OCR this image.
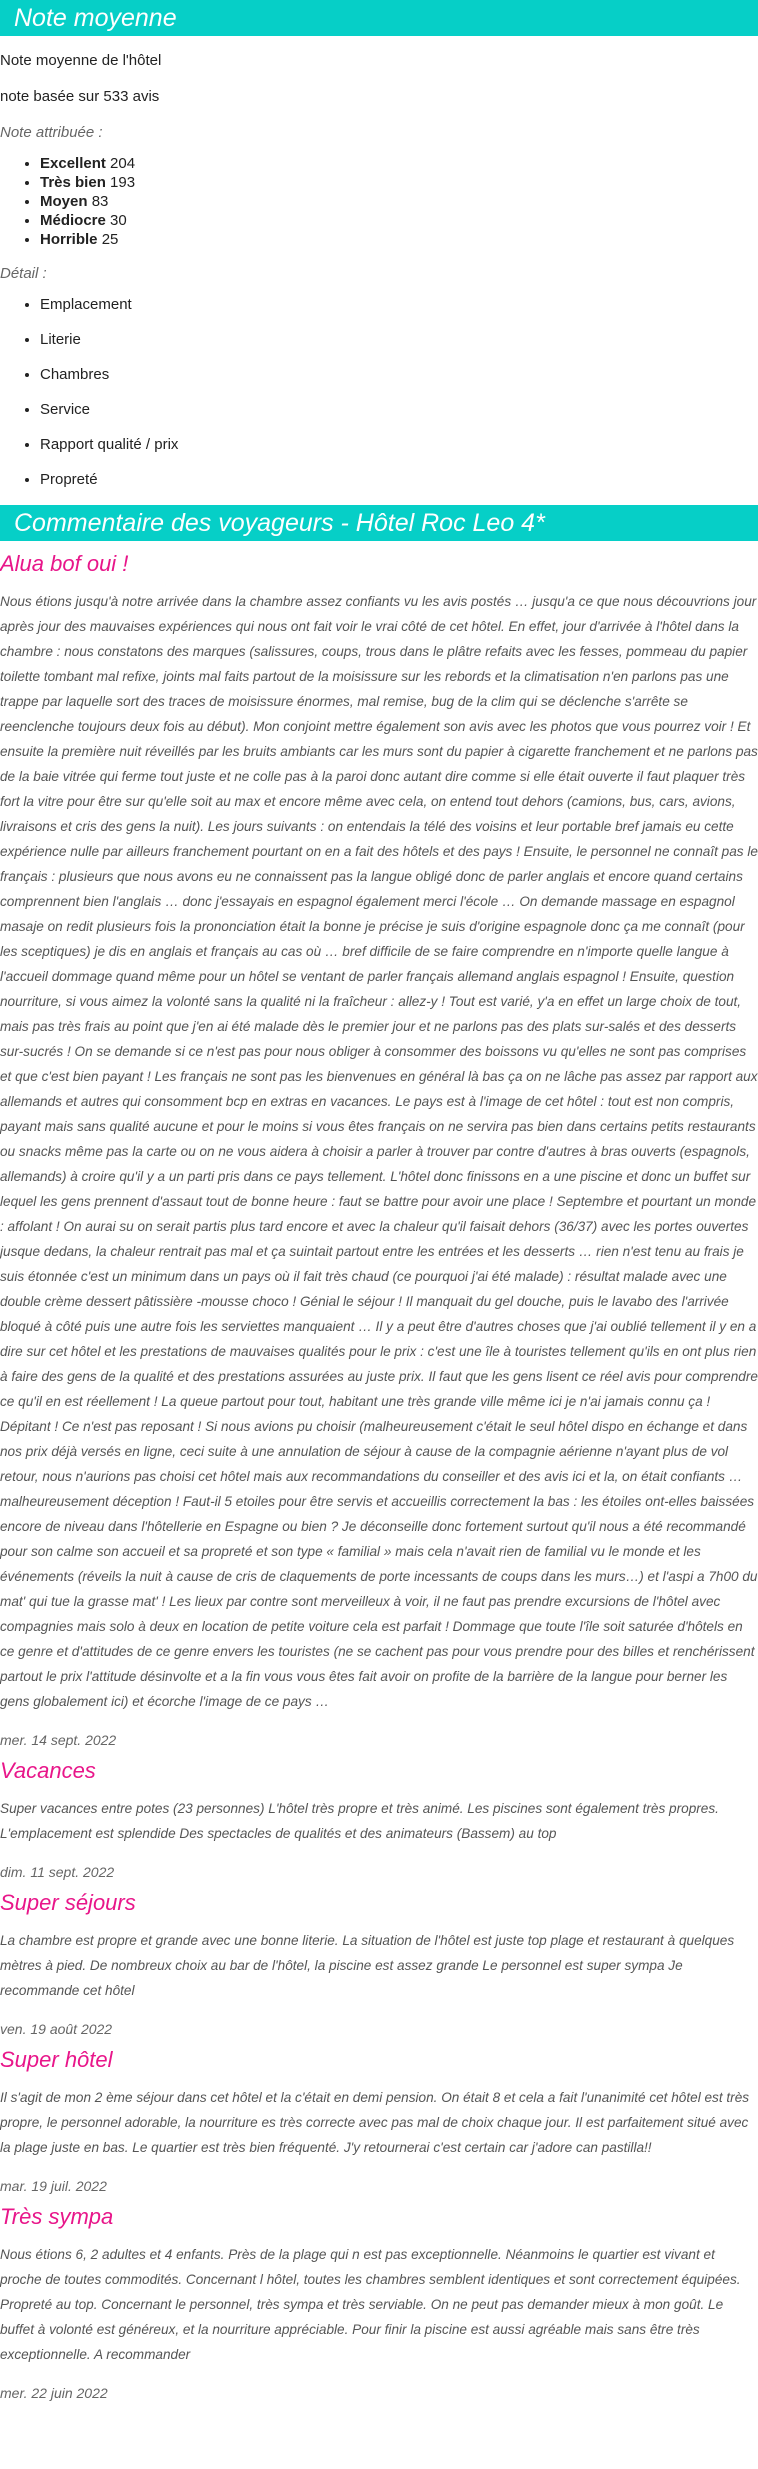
Note moyenne
Note moyenne de l'hôtel
note basée sur 533 avis
Note attribuée :
• Excellent 204
• Très bien 193
• Moyen 83
• Médiocre 30
• Horrible 25
Détail :
• Emplacement
• Literie
• Chambres
• Service
• Rapport qualité / prix
• Propreté
Commentaire des voyageurs - Hôtel Roc Leo 4*
Alua bof oui !

Nous étions jusqu'à notre arrivée dans la chambre assez confiants vu les avis postés … jusqu'a ce que nous découvrions jour après jour des mauvaises expériences qui nous ont fait voir le vrai côté de cet hôtel. En effet, jour d'arrivée à l'hôtel dans la chambre : nous constatons des marques (salissures, coups, trous dans le plâtre refaits avec les fesses, pommeau du papier toilette tombant mal refixe, joints mal faits partout de la moisissure sur les rebords et la climatisation n'en parlons pas une trappe par laquelle sort des traces de moisissure énormes, mal remise, bug de la clim qui se déclenche s'arrête se reenclenche toujours deux fois au début). Mon conjoint mettre également son avis avec les photos que vous pourrez voir ! Et ensuite la première nuit réveillés par les bruits ambiants car les murs sont du papier à cigarette franchement et ne parlons pas de la baie vitrée qui ferme tout juste et ne colle pas à la paroi donc autant dire comme si elle était ouverte il faut plaquer très fort la vitre pour être sur qu'elle soit au max et encore même avec cela, on entend tout dehors (camions, bus, cars, avions, livraisons et cris des gens la nuit). Les jours suivants : on entendais la télé des voisins et leur portable bref jamais eu cette expérience nulle par ailleurs franchement pourtant on en a fait des hôtels et des pays ! Ensuite, le personnel ne connaît pas le français : plusieurs que nous avons eu ne connaissent pas la langue obligé donc de parler anglais et encore quand certains comprennent bien l'anglais … donc j'essayais en espagnol également merci l'école … On demande massage en espagnol masaje on redit plusieurs fois la prononciation était la bonne je précise je suis d'origine espagnole donc ça me connaît (pour les sceptiques) je dis en anglais et français au cas où … bref difficile de se faire comprendre en n'importe quelle langue à l'accueil dommage quand même pour un hôtel se ventant de parler français allemand anglais espagnol ! Ensuite, question nourriture, si vous aimez la volonté sans la qualité ni la fraîcheur : allez-y ! Tout est varié, y'a en effet un large choix de tout, mais pas très frais au point que j'en ai été malade dès le premier jour et ne parlons pas des plats sur-salés et des desserts sur-sucrés ! On se demande si ce n'est pas pour nous obliger à consommer des boissons vu qu'elles ne sont pas comprises et que c'est bien payant ! Les français ne sont pas les bienvenues en général là bas ça on ne lâche pas assez par rapport aux allemands et autres qui consomment bcp en extras en vacances. Le pays est à l'image de cet hôtel : tout est non compris, payant mais sans qualité aucune et pour le moins si vous êtes français on ne servira pas bien dans certains petits restaurants ou snacks même pas la carte ou on ne vous aidera à choisir a parler à trouver par contre d'autres à bras ouverts (espagnols, allemands) à croire qu'il y a un parti pris dans ce pays tellement. L'hôtel donc finissons en a une piscine et donc un buffet sur lequel les gens prennent d'assaut tout de bonne heure : faut se battre pour avoir une place ! Septembre et pourtant un monde : affolant ! On aurai su on serait partis plus tard encore et avec la chaleur qu'il faisait dehors (36/37) avec les portes ouvertes jusque dedans, la chaleur rentrait pas mal et ça suintait partout entre les entrées et les desserts … rien n'est tenu au frais je suis étonnée c'est un minimum dans un pays où il fait très chaud (ce pourquoi j'ai été malade) : résultat malade avec une double crème dessert pâtissière -mousse choco ! Génial le séjour ! Il manquait du gel douche, puis le lavabo des l'arrivée bloqué à côté puis une autre fois les serviettes manquaient … Il y a peut être d'autres choses que j'ai oublié tellement il y en a dire sur cet hôtel et les prestations de mauvaises qualités pour le prix : c'est une île à touristes tellement qu'ils en ont plus rien à faire des gens de la qualité et des prestations assurées au juste prix. Il faut que les gens lisent ce réel avis pour comprendre ce qu'il en est réellement ! La queue partout pour tout, habitant une très grande ville même ici je n'ai jamais connu ça ! Dépitant ! Ce n'est pas reposant ! Si nous avions pu choisir (malheureusement c'était le seul hôtel dispo en échange et dans nos prix déjà versés en ligne, ceci suite à une annulation de séjour à cause de la compagnie aérienne n'ayant plus de vol retour, nous n'aurions pas choisi cet hôtel mais aux recommandations du conseiller et des avis ici et la, on était confiants … malheureusement déception ! Faut-il 5 etoiles pour être servis et accueillis correctement la bas : les étoiles ont-elles baissées encore de niveau dans l'hôtellerie en Espagne ou bien ? Je déconseille donc fortement surtout qu'il nous a été recommandé pour son calme son accueil et sa propreté et son type « familial » mais cela n'avait rien de familial vu le monde et les événements (réveils la nuit à cause de cris de claquements de porte incessants de coups dans les murs…) et l'aspi a 7h00 du mat' qui tue la grasse mat' ! Les lieux par contre sont merveilleux à voir, il ne faut pas prendre excursions de l'hôtel avec compagnies mais solo à deux en location de petite voiture cela est parfait ! Dommage que toute l'île soit saturée d'hôtels en ce genre et d'attitudes de ce genre envers les touristes (ne se cachent pas pour vous prendre pour des billes et renchérissent partout le prix l'attitude désinvolte et a la fin vous vous êtes fait avoir on profite de la barrière de la langue pour berner les gens globalement ici) et écorche l'image de ce pays …

mer. 14 sept. 2022
Vacances

Super vacances entre potes (23 personnes) L'hôtel très propre et très animé. Les piscines sont également très propres. L'emplacement est splendide Des spectacles de qualités et des animateurs (Bassem) au top

dim. 11 sept. 2022
Super séjours

La chambre est propre et grande avec une bonne literie. La situation de l'hôtel est juste top plage et restaurant à quelques mètres à pied. De nombreux choix au bar de l'hôtel, la piscine est assez grande Le personnel est super sympa Je recommande cet hôtel

ven. 19 août 2022
Super hôtel

Il s'agit de mon 2 ème séjour dans cet hôtel et la c'était en demi pension. On était 8 et cela a fait l'unanimité cet hôtel est très propre, le personnel adorable, la nourriture es très correcte avec pas mal de choix chaque jour. Il est parfaitement situé avec la plage juste en bas. Le quartier est très bien fréquenté. J'y retournerai c'est certain car j'adore can pastilla!!

mar. 19 juil. 2022
Très sympa

Nous étions 6, 2 adultes et 4 enfants. Près de la plage qui n est pas exceptionnelle. Néanmoins le quartier est vivant et proche de toutes commodités. Concernant l hôtel, toutes les chambres semblent identiques et sont correctement équipées. Propreté au top. Concernant le personnel, très sympa et très serviable. On ne peut pas demander mieux à mon goût. Le buffet à volonté est généreux, et la nourriture appréciable. Pour finir la piscine est aussi agréable mais sans être très exceptionnelle. A recommander

mer. 22 juin 2022
